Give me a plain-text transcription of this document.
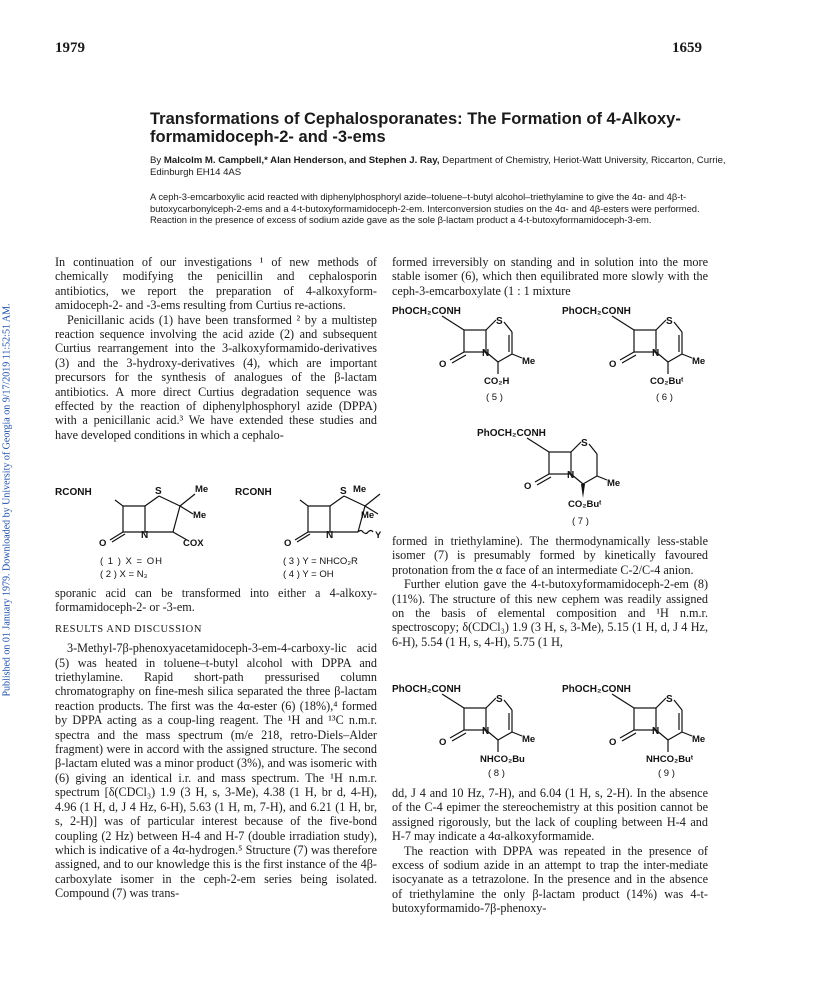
1979	1659
Published on 01 January 1979. Downloaded by University of Georgia on 9/17/2019 11:52:51 AM.
Transformations of Cephalosporanates: The Formation of 4-Alkoxy-formamidoceph-2- and -3-ems
By Malcolm M. Campbell,* Alan Henderson, and Stephen J. Ray, Department of Chemistry, Heriot-Watt University, Riccarton, Currie, Edinburgh EH14 4AS
A ceph-3-emcarboxylic acid reacted with diphenylphosphoryl azide–toluene–t-butyl alcohol–triethylamine to give the 4α- and 4β-t-butoxycarbonylceph-2-ems and a 4-t-butoxyformamidoceph-2-em. Interconversion studies on the 4α- and 4β-esters were performed. Reaction in the presence of excess of sodium azide gave as the sole β-lactam product a 4-t-butoxyformamidoceph-3-em.

In continuation of our investigations ¹ of new methods of chemically modifying the penicillin and cephalosporin antibiotics, we report the preparation of 4-alkoxyform-amidoceph-2- and -3-ems resulting from Curtius re-actions.

Penicillanic acids (1) have been transformed ² by a multistep reaction sequence involving the acid azide (2) and subsequent Curtius rearrangement into the 3-alkoxyformamido-derivatives (3) and the 3-hydroxy-derivatives (4), which are important precursors for the synthesis of analogues of the β-lactam antibiotics. A more direct Curtius degradation sequence was effected by the reaction of diphenylphosphoryl azide (DPPA) with a penicillanic acid.³ We have extended these studies and have developed conditions in which a cephalo-

RCONH	S
N
Me
Me
COX
O
RCONH	S
N
Me
Me
Y
O
( 1 ) X = OH
( 2 ) X = N₃
( 3 ) Y = NHCO₂R
( 4 ) Y = OH

sporanic acid can be transformed into either a 4-alkoxy-formamidoceph-2- or -3-em.

RESULTS AND DISCUSSION

3-Methyl-7β-phenoxyacetamidoceph-3-em-4-carboxy-lic acid (5) was heated in toluene–t-butyl alcohol with DPPA and triethylamine. Rapid short-path pressurised column chromatography on fine-mesh silica separated the three β-lactam reaction products. The first was the 4α-ester (6) (18%),⁴ formed by DPPA acting as a coup-ling reagent. The ¹H and ¹³C n.m.r. spectra and the mass spectrum (m/e 218, retro-Diels–Alder fragment) were in accord with the assigned structure. The second β-lactam eluted was a minor product (3%), and was isomeric with (6) giving an identical i.r. and mass spectrum. The ¹H n.m.r. spectrum [δ(CDCl₃) 1.9 (3 H, s, 3-Me), 4.38 (1 H, br d, 4-H), 4.96 (1 H, d, J 4 Hz, 6-H), 5.63 (1 H, m, 7-H), and 6.21 (1 H, br, s, 2-H)] was of particular interest because of the five-bond coupling (2 Hz) between H-4 and H-7 (double irradiation study), which is indicative of a 4α-hydrogen.⁵ Structure (7) was therefore assigned, and to our knowledge this is the first instance of the 4β-carboxylate isomer in the ceph-2-em series being isolated. Compound (7) was trans-

formed irreversibly on standing and in solution into the more stable isomer (6), which then equilibrated more slowly with the ceph-3-emcarboxylate (1 : 1 mixture

PhOCH₂CONH
S
N
Me
CO₂H
O
( 5 )
PhOCH₂CONH
S
N
Me
CO₂Buᵗ
O
( 6 )
PhOCH₂CONH
S
N
Me
CO₂Buᵗ
O
( 7 )

formed in triethylamine). The thermodynamically less-stable isomer (7) is presumably formed by kinetically favoured protonation from the α face of an intermediate C-2/C-4 anion.

Further elution gave the 4-t-butoxyformamidoceph-2-em (8) (11%). The structure of this new cephem was readily assigned on the basis of elemental composition and ¹H n.m.r. spectroscopy; δ(CDCl₃) 1.9 (3 H, s, 3-Me), 5.15 (1 H, d, J 4 Hz, 6-H), 5.54 (1 H, s, 4-H), 5.75 (1 H,

PhOCH₂CONH
S
N
Me
NHCO₂Bu
O
( 8 )
PhOCH₂CONH
S
N
Me
NHCO₂Buᵗ
O
( 9 )

dd, J 4 and 10 Hz, 7-H), and 6.04 (1 H, s, 2-H). In the absence of the C-4 epimer the stereochemistry at this position cannot be assigned rigorously, but the lack of coupling between H-4 and H-7 may indicate a 4α-alkoxyformamide.

The reaction with DPPA was repeated in the presence of excess of sodium azide in an attempt to trap the inter-mediate isocyanate as a tetrazolone. In the presence and in the absence of triethylamine the only β-lactam product (14%) was 4-t-butoxyformamido-7β-phenoxy-
